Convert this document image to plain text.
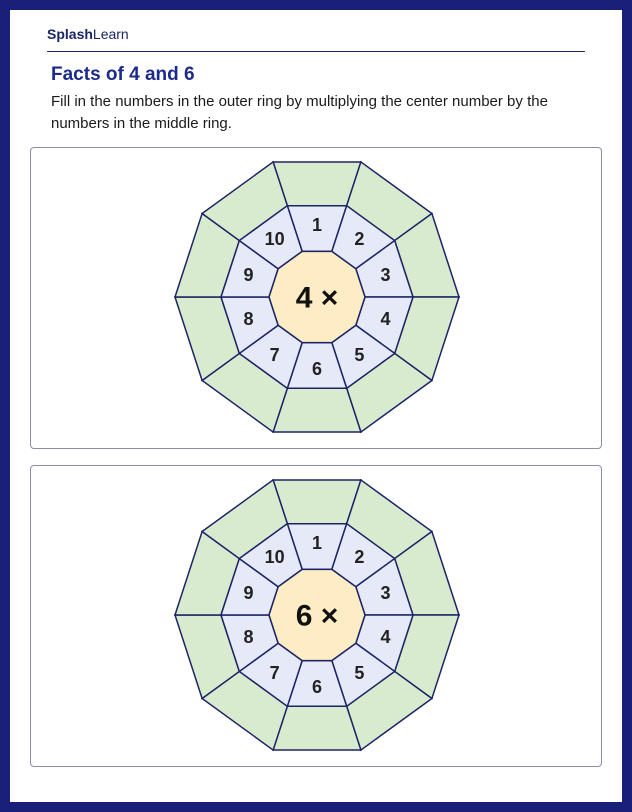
SplashLearn
Facts of 4 and 6
Fill in the numbers in the outer ring by multiplying the center number by the numbers in the middle ring.
1
2
3
4
5
6
7
8
9
10
4 ×
1
2
3
4
5
6
7
8
9
10
6 ×
